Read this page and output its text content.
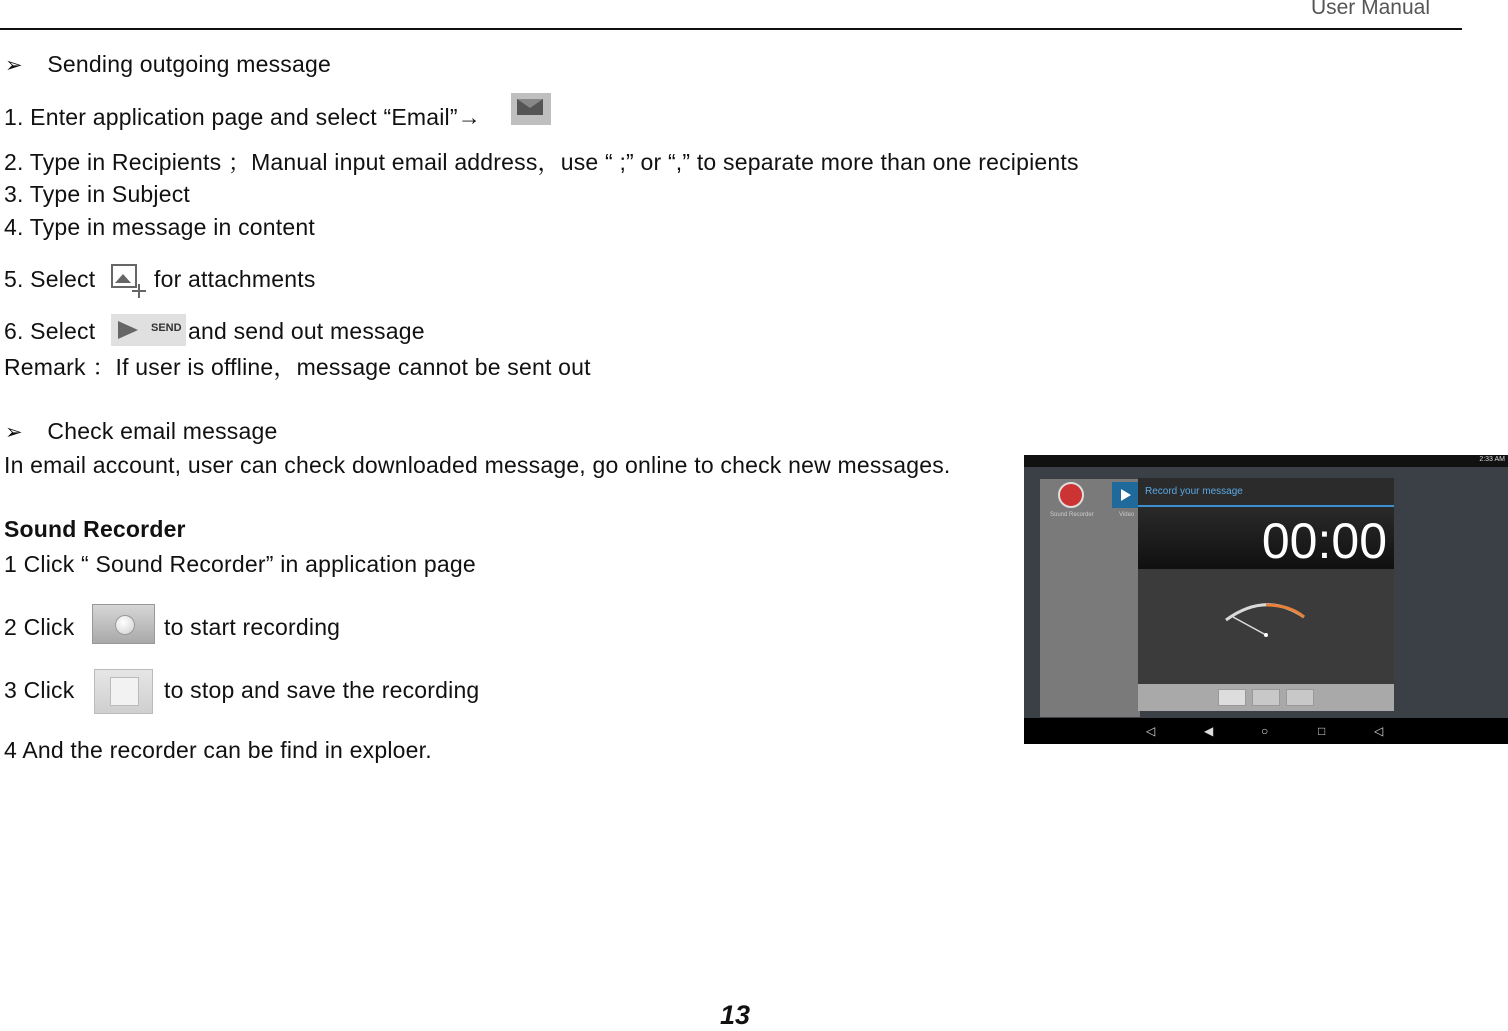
User Manual
➢ Sending outgoing message
1. Enter application page and select “Email”→
2. Type in Recipients ；Manual input email address，use “ ;” or “,” to separate more than one recipients
3. Type in Subject
4. Type in message in content
5. Select	for attachments
6. Select	SEND and send out message
Remark ：If user is offline，message cannot be sent out
➢ Check email message
In email account, user can check downloaded message, go online to check new messages.
Sound Recorder
1 Click “ Sound Recorder” in application page
2 Click	to start recording
3 Click	to stop and save the recording
4 And the recorder can be find in exploer.
2:33 AM
Sound Recorder	Video
Record your message
00:00
◁	◀	○	□	◁
13
